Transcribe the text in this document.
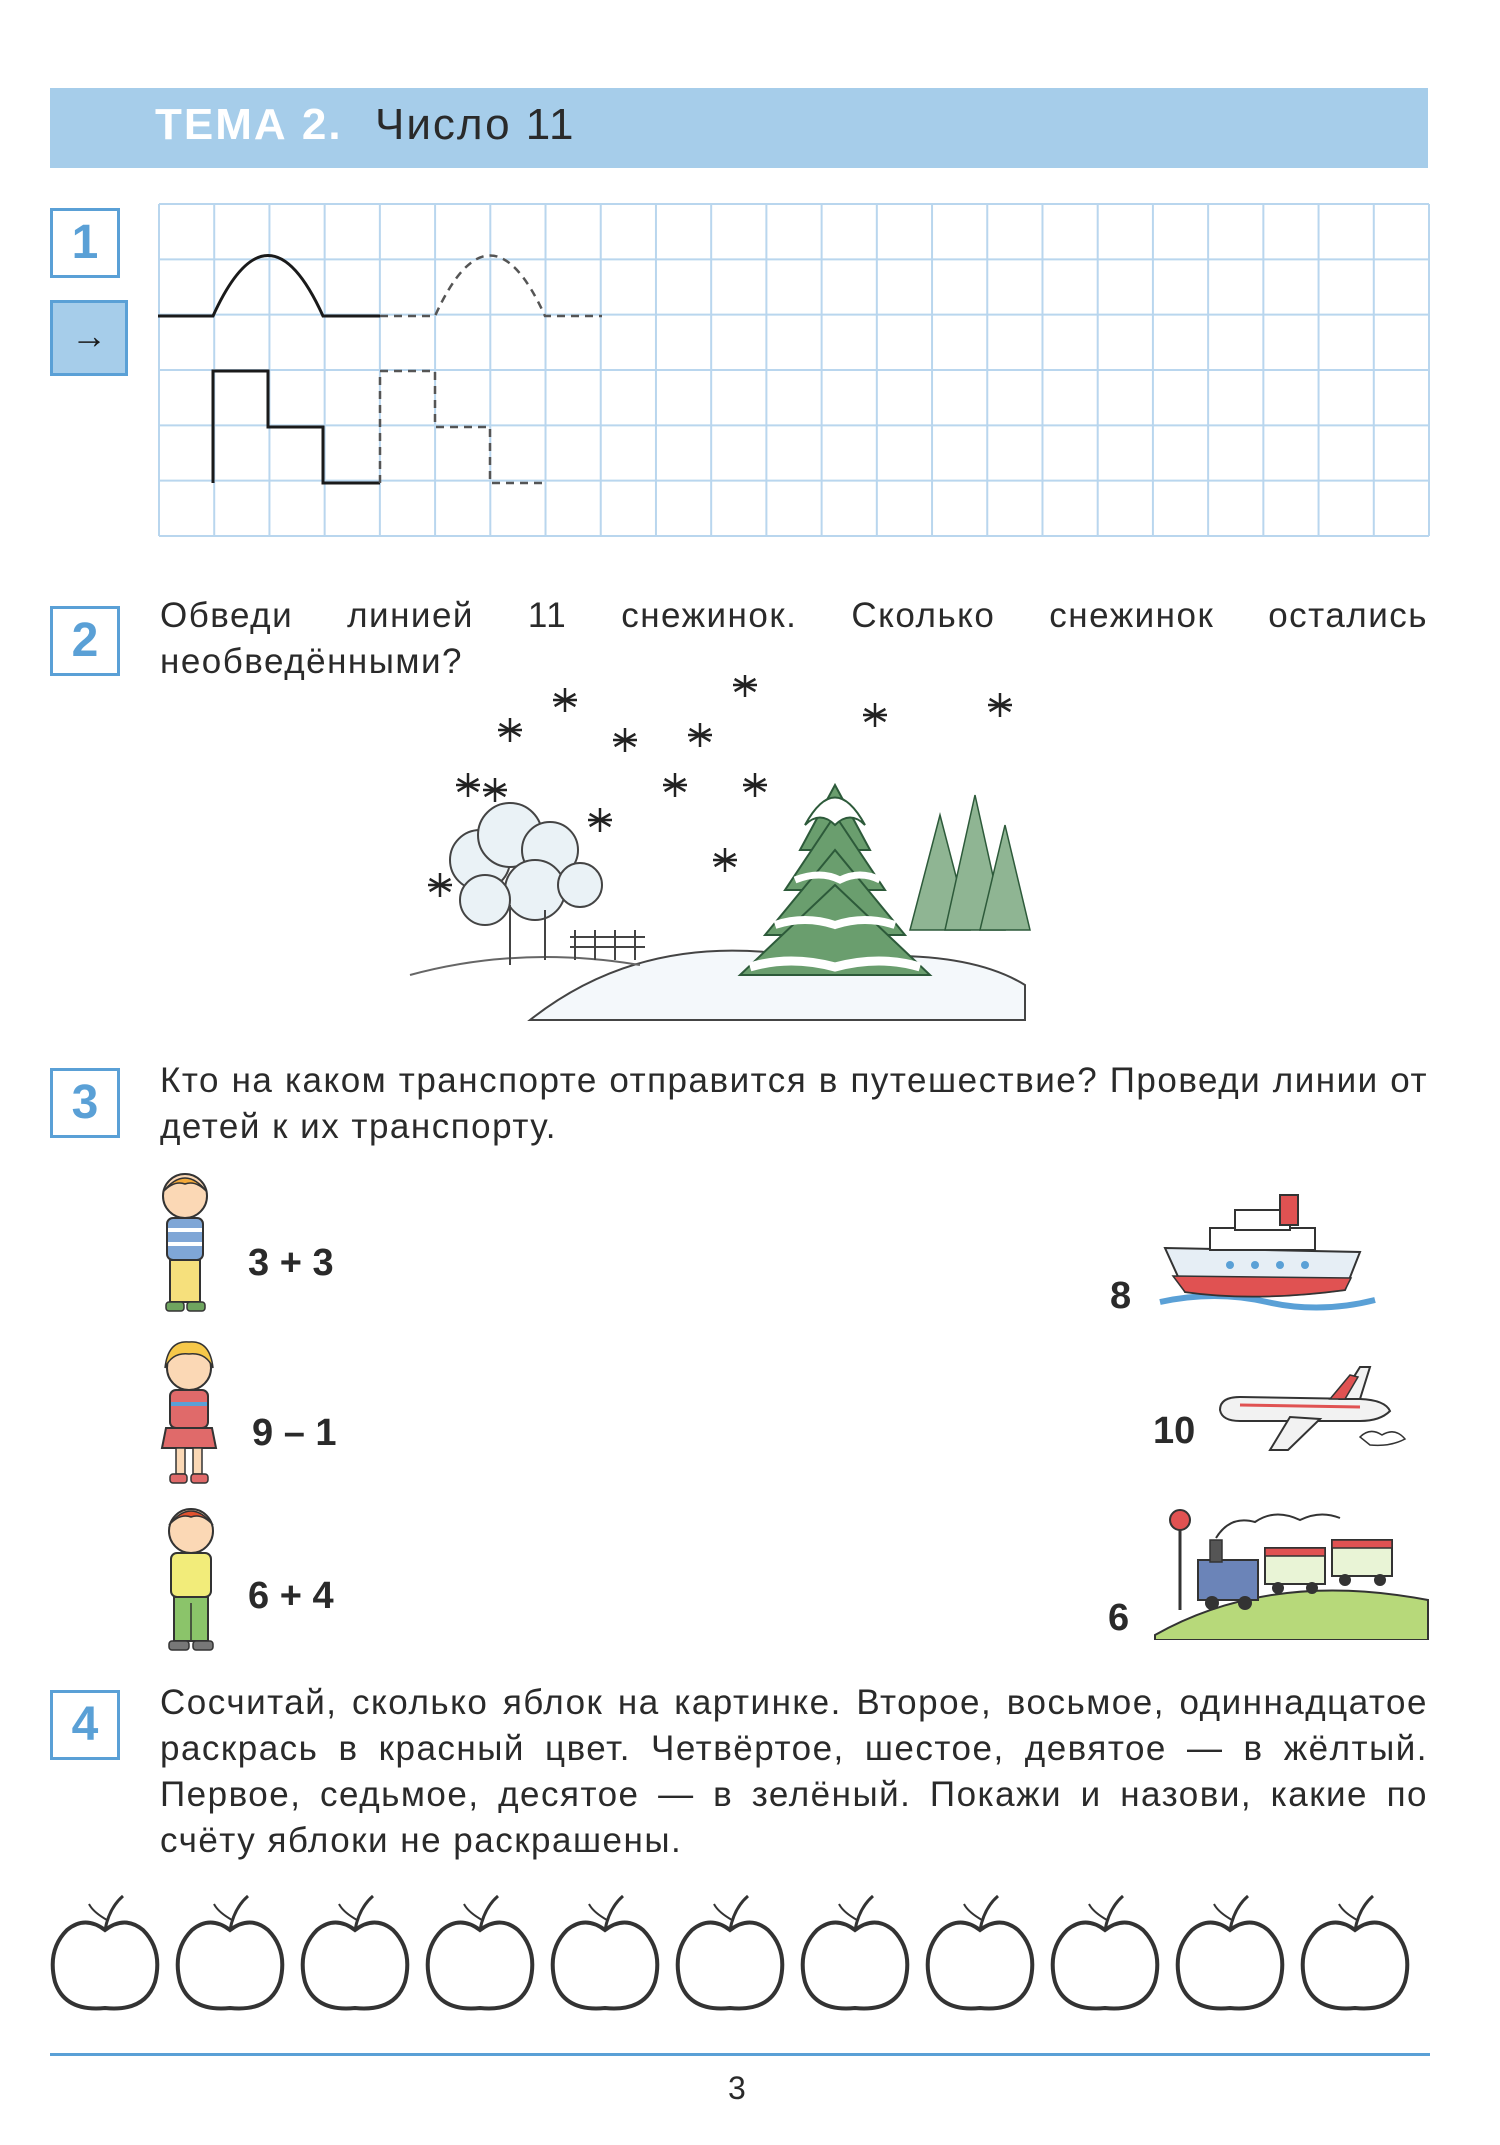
ТЕМА 2. Число 11
1
→
2	Обведи линией 11 снежинок. Сколько снежинок остались необведёнными?
3	Кто на каком транспорте отправится в путешествие? Проведи линии от детей к их транспорту.
3 + 3
9 – 1
6 + 4
8
10
6
4	Сосчитай, сколько яблок на картинке. Второе, восьмое, одиннадцатое раскрась в красный цвет. Четвёртое, шестое, девятое — в жёлтый. Первое, седьмое, десятое — в зелёный. Покажи и назови, какие по счёту яблоки не раскрашены.
3
